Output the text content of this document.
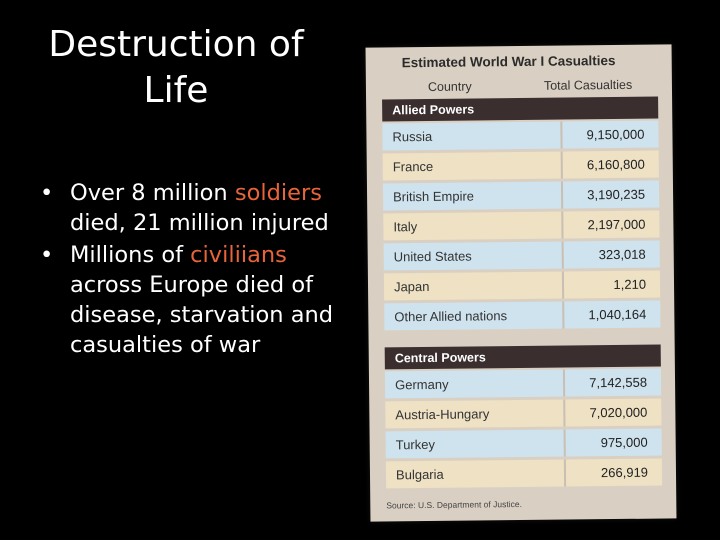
Destruction of Life
• Over 8 million soldiers died, 21 million injured
• Millions of civiliians across Europe died of disease, starvation and casualties of war
Estimated World War I Casualties
Country	Total Casualties
Allied Powers
Russia	9,150,000
France	6,160,800
British Empire	3,190,235
Italy	2,197,000
United States	323,018
Japan	1,210
Other Allied nations	1,040,164
Central Powers
Germany	7,142,558
Austria-Hungary	7,020,000
Turkey	975,000
Bulgaria	266,919
Source: U.S. Department of Justice.
